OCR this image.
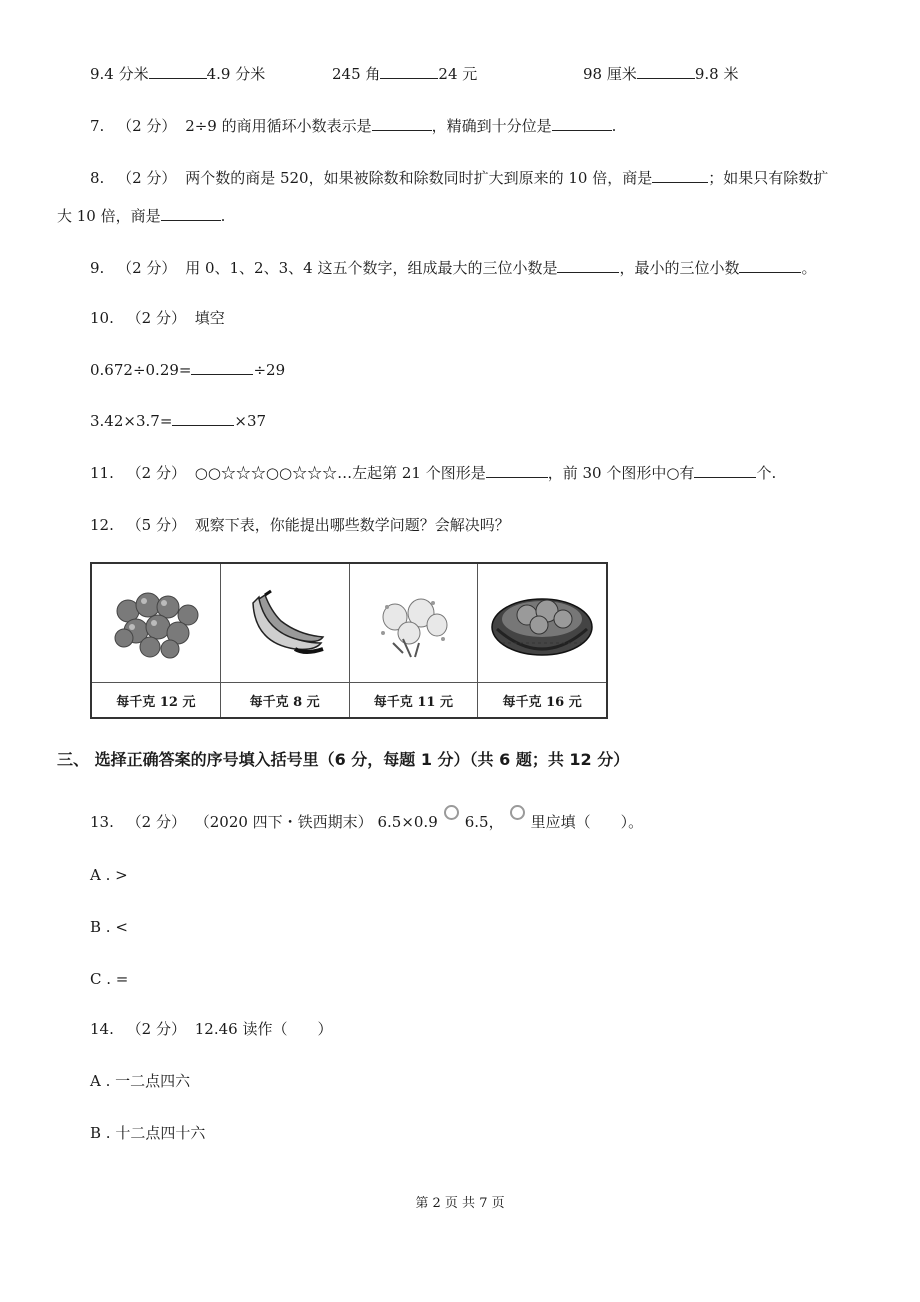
9.4 分米	4.9 分米	245 角	24 元	98 厘米	9.8 米
7. （2 分） 2÷9 的商用循环小数表示是	，精确到十分位是	.
8. （2 分） 两个数的商是 520，如果被除数和除数同时扩大到原来的 10 倍，商是	；如果只有除数扩
大 10 倍，商是	.
9. （2 分） 用 0、1、2、3、4 这五个数字，组成最大的三位小数是	，最小的三位小数	。
10. （2 分） 填空
0.672÷0.29=	÷29
3.42×3.7=	×37
11. （2 分） ○○☆☆☆○○☆☆☆…左起第 21 个图形是	，前 30 个图形中○有	个.
12. （5 分） 观察下表，你能提出哪些数学问题？会解决吗？
每千克 12 元	每千克 8 元	每千克 11 元	每千克 16 元
三、 选择正确答案的序号填入括号里（6 分，每题 1 分）（共 6 题；共 12 分）
13. （2 分） （2020 四下・铁西期末） 6.5×0.9 6.5， 里应填（　　）。
A . >
B . <
C . =
14. （2 分） 12.46 读作（　　）
A . 一二点四六
B . 十二点四十六
第 2 页 共 7 页
